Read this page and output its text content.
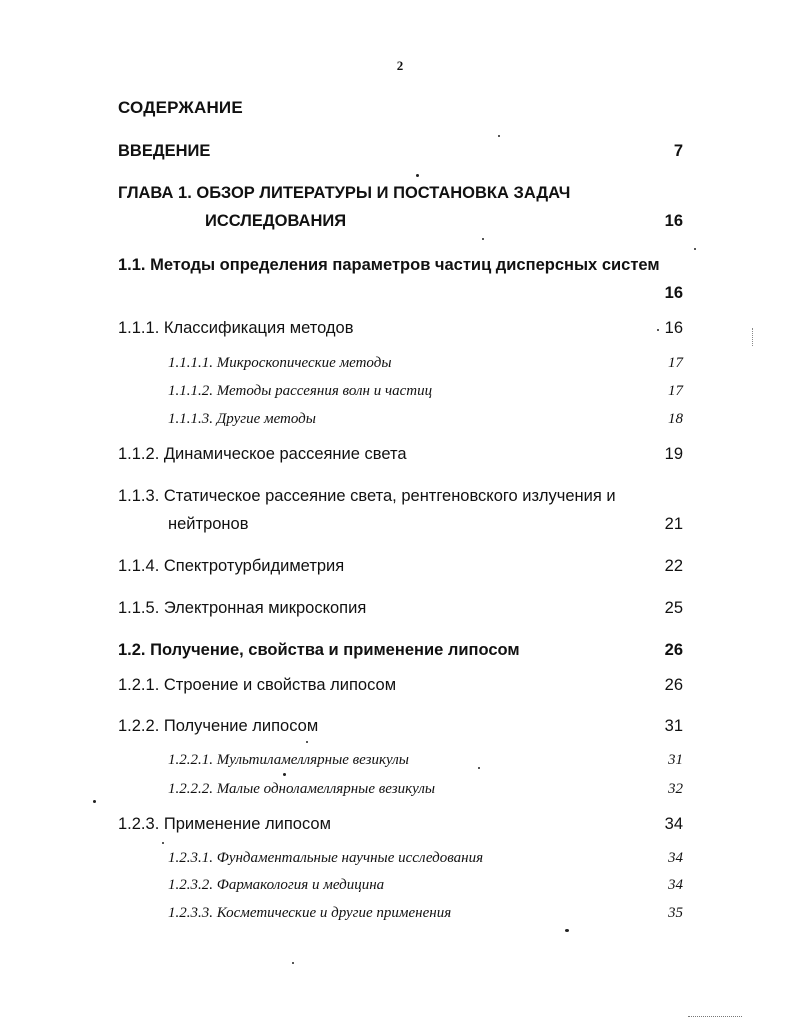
2
СОДЕРЖАНИЕ
ВВЕДЕНИЕ	7
ГЛАВА 1. ОБЗОР ЛИТЕРАТУРЫ И ПОСТАНОВКА ЗАДАЧ
ИССЛЕДОВАНИЯ	16
1.1. Методы определения параметров частиц дисперсных систем
16
1.1.1. Классификация методов	16
1.1.1.1. Микроскопические методы	17
1.1.1.2. Методы рассеяния волн и частиц	17
1.1.1.3. Другие методы	18
1.1.2. Динамическое рассеяние света	19
1.1.3. Статическое рассеяние света, рентгеновского излучения и
нейтронов	21
1.1.4. Спектротурбидиметрия	22
1.1.5. Электронная микроскопия	25
1.2. Получение, свойства и применение липосом	26
1.2.1. Строение и свойства липосом	26
1.2.2. Получение липосом	31
1.2.2.1. Мультиламеллярные везикулы	31
1.2.2.2. Малые одноламеллярные везикулы	32
1.2.3. Применение липосом	34
1.2.3.1. Фундаментальные научные исследования	34
1.2.3.2. Фармакология и медицина	34
1.2.3.3. Косметические и другие применения	35
